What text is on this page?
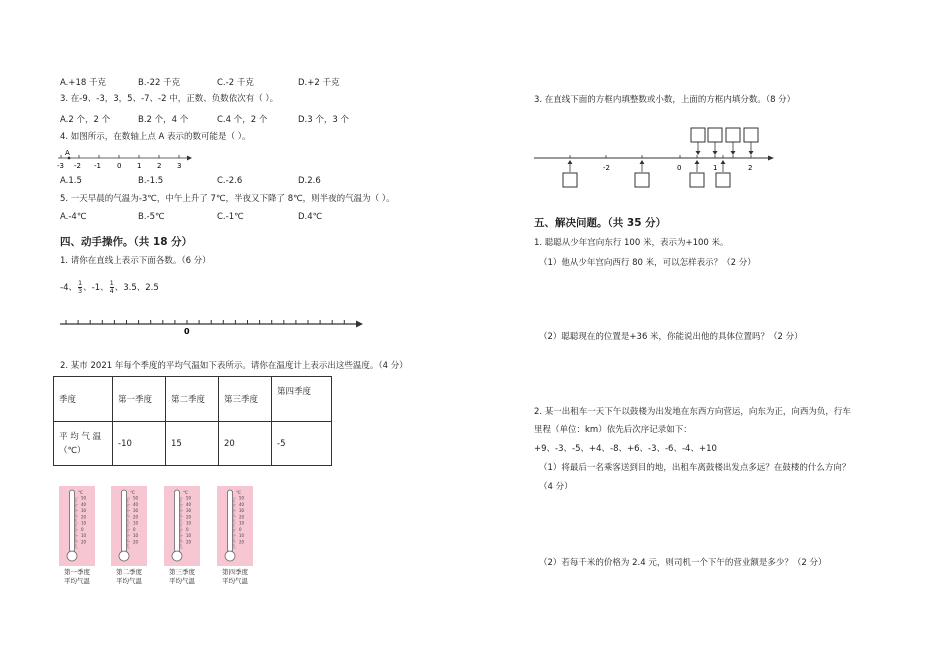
A.+18 千克	B.-22 千克	C.-2 千克	D.+2 千克
3. 在-9、-3，3，5、-7、-2 中，正数、负数依次有（ ）。
A.2 个，2 个	B.2 个，4 个	C.4 个，2 个	D.3 个，3 个
4. 如图所示，在数轴上点 A 表示的数可能是（ ）。
A
-3 -2 -1 0 1 2 3
A.1.5	B.-1.5	C.-2.6	D.2.6
5. 一天早晨的气温为-3℃，中午上升了 7℃，半夜又下降了 8℃，则半夜的气温为（ ）。
A.-4℃	B.-5℃	C.-1℃	D.4℃
四、动手操作。（共 18 分）
1. 请你在直线上表示下面各数。（6 分）
-4、 $\frac{1}{3}$ 、-1、 $\frac{1}{4}$ 、3.5、2.5
0
2. 某市 2021 年每个季度的平均气温如下表所示。请你在温度计上表示出这些温度。（4 分）
季度	第一季度	第二季度	第三季度	第四季度
平 均 气 温（℃）	-10	15	20	-5
℃
50
40
30
20
10
0
10
20
第一季度
平均气温
℃
50
40
30
20
10
0
10
20
第二季度
平均气温
℃
50
40
30
20
10
0
10
20
第三季度
平均气温
℃
50
40
30
20
10
0
10
20
第四季度
平均气温
3. 在直线下面的方框内填整数或小数，上面的方框内填分数。（8 分）
-2	0	1	2
五、解决问题。（共 35 分）
1. 聪聪从少年宫向东行 100 米，表示为+100 米。
（1）他从少年宫向西行 80 米，可以怎样表示？（2 分）
（2）聪聪现在的位置是+36 米，你能说出他的具体位置吗？（2 分）
2. 某一出租车一天下午以鼓楼为出发地在东西方向营运，向东为正，向西为负，行车
里程（单位：km）依先后次序记录如下：
+9、-3、-5、+4、-8、+6、-3、-6、-4、+10
（1）将最后一名乘客送到目的地，出租车离鼓楼出发点多远？在鼓楼的什么方向？
（4 分）
（2）若每千米的价格为 2.4 元，则司机一个下午的营业额是多少？（2 分）
